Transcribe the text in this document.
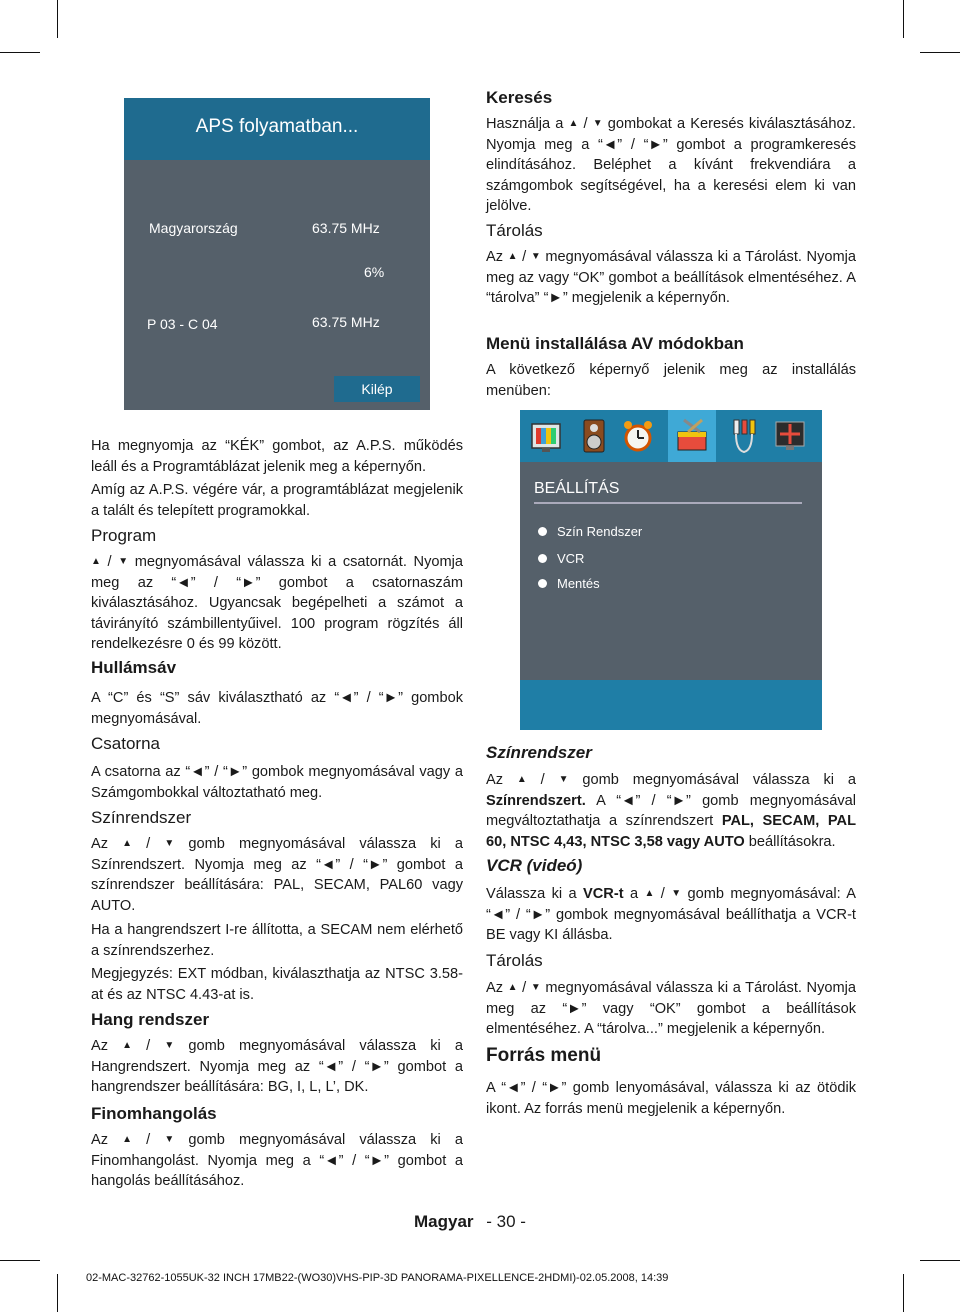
APS folyamatban...
Magyarország	63.75 MHz
6%
P 03 - C 04	63.75 MHz
Kilép
Keresés
Használja a ▲ / ▼ gombokat a Keresés kiválasztásához. Nyomja meg a “◄” / “►” gombot a programkeresés elindításához. Beléphet a kívánt frekvendiára a számgombok segítségével, ha a keresési elem ki van jelölve.
Tárolás
Az ▲ / ▼ megnyomásával válassza ki a Tárolást. Nyomja meg az vagy “OK” gombot a beállítások elmentéséhez. A “tárolva” “►” megjelenik a képernyőn.
Menü installálása AV módokban
A következő képernyő jelenik meg az installálás menüben:
BEÁLLÍTÁS
Szín Rendszer
VCR
Mentés
Ha megnyomja az “KÉK” gombot, az A.P.S. működés leáll és a Programtáblázat jelenik meg a képernyőn.
Amíg az A.P.S. végére vár, a programtáblázat megjelenik a talált és telepített programokkal.
Program
▲ / ▼ megnyomásával válassza ki a csatornát. Nyomja meg az “◄” / “►” gombot a csatornaszám kiválasztásához. Ugyancsak begépelheti a számot a távirányító számbillentyűivel. 100 program rögzítés áll rendelkezésre 0 és 99 között.
Hullámsáv
A “C” és “S” sáv kiválasztható az “◄” / “►” gombok megnyomásával.
Csatorna
A csatorna az “◄” / “►” gombok megnyomásával vagy a Számgombokkal változtatható meg.
Színrendszer
Az ▲ / ▼ gomb megnyomásával válassza ki a Színrendszert. Nyomja meg az “◄” / “►” gombot a színrendszer beállítására: PAL, SECAM, PAL60 vagy AUTO.
Ha a hangrendszert I-re állította, a SECAM nem elérhető a színrendszerhez.
Megjegyzés: EXT módban, kiválaszthatja az NTSC 3.58-at és az NTSC 4.43-at is.
Hang rendszer
Az ▲ / ▼ gomb megnyomásával válassza ki a Hangrendszert. Nyomja meg az “◄” / “►” gombot a hangrendszer beállítására: BG, I, L, L’, DK.
Finomhangolás
Az ▲ / ▼ gomb megnyomásával válassza ki a Finomhangolást. Nyomja meg a “◄” / “►” gombot a hangolás beállításához.
Színrendszer
Az ▲ / ▼ gomb megnyomásával válassza ki a Színrendszert. A “◄” / “►” gomb megnyomásával megváltoztathatja a színrendszert PAL, SECAM, PAL 60, NTSC 4,43, NTSC 3,58 vagy AUTO beállításokra.
VCR (videó)
Válassza ki a VCR-t a ▲ / ▼ gomb megnyomásával: A “◄” / “►” gombok megnyomásával beállíthatja a VCR-t BE vagy KI állásba.
Tárolás
Az ▲ / ▼ megnyomásával válassza ki a Tárolást. Nyomja meg az “►” vagy “OK” gombot a beállítások elmentéséhez. A “tárolva...” megjelenik a képernyőn.
Forrás menü
A “◄” / “►” gomb lenyomásával, válassza ki az ötödik ikont. Az forrás menü megjelenik a képernyőn.
Magyar - 30 -
02-MAC-32762-1055UK-32 INCH 17MB22-(WO30)VHS-PIP-3D PANORAMA-PIXELLENCE-2HDMI)-02.05.2008, 14:39
